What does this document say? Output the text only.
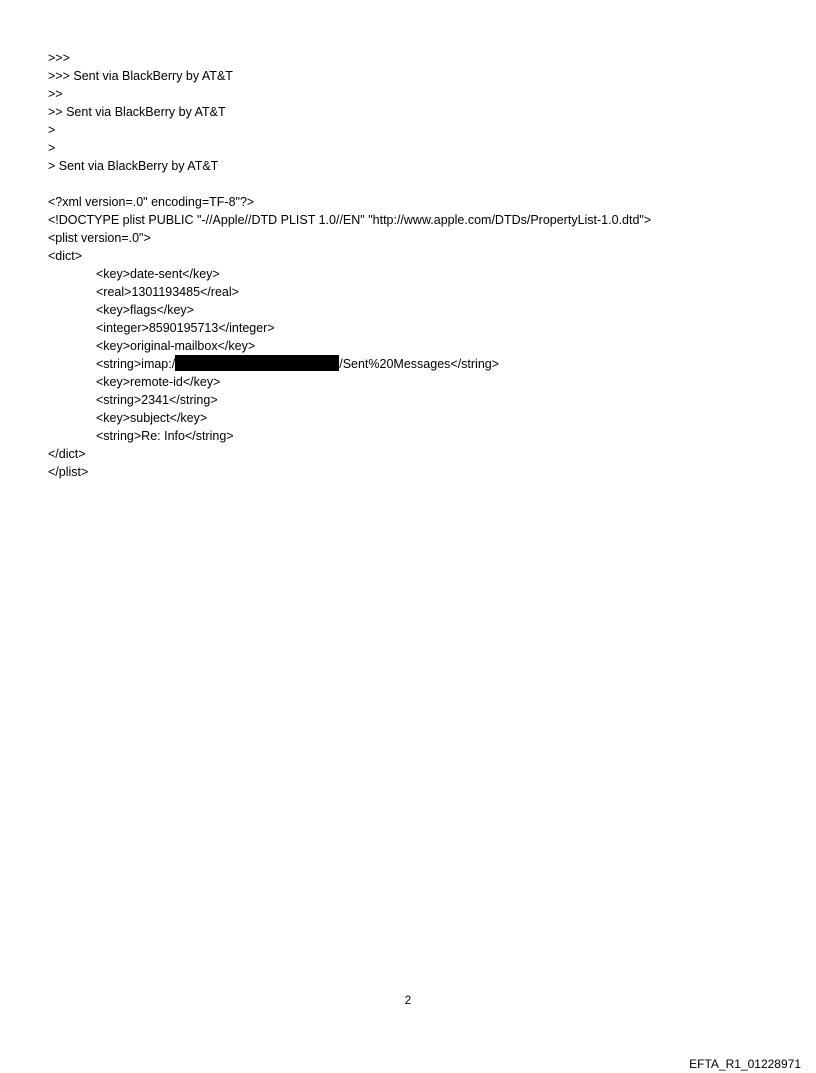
>>>
>>> Sent via BlackBerry by AT&T
>>
>> Sent via BlackBerry by AT&T
>
>
> Sent via BlackBerry by AT&T
<?xml version=.0" encoding=TF-8"?>
<!DOCTYPE plist PUBLIC "-//Apple//DTD PLIST 1.0//EN" "http://www.apple.com/DTDs/PropertyList-1.0.dtd">
<plist version=.0">
<dict>
<key>date-sent</key>
<real>1301193485</real>
<key>flags</key>
<integer>8590195713</integer>
<key>original-mailbox</key>
<string>imap:/	/Sent%20Messages</string>
<key>remote-id</key>
<string>2341</string>
<key>subject</key>
<string>Re: Info</string>
</dict>
</plist>
2
EFTA_R1_01228971
